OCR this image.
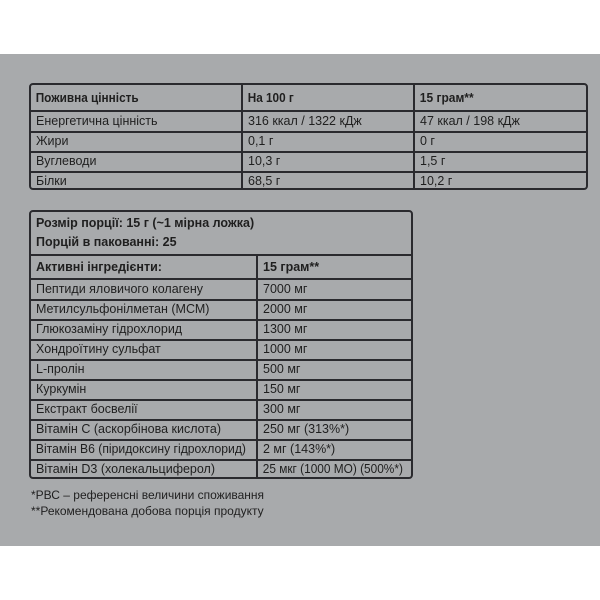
Поживна цінність	На 100 г	15 грам**
Енергетична цінність	316 ккал / 1322 кДж	47 ккал / 198 кДж
Жири	0,1 г	0 г
Вуглеводи	10,3 г	1,5 г
Білки	68,5 г	10,2 г
Розмір порції: 15 г (~1 мірна ложка)
Порцій в пакованні: 25
Активні інгредієнти:	15 грам**
Пептиди яловичого колагену	7000 мг
Метилсульфонілметан (МСМ)	2000 мг
Глюкозаміну гідрохлорид	1300 мг
Хондроїтину сульфат	1000 мг
L-пролін	500 мг
Куркумін	150 мг
Екстракт босвелії	300 мг
Вітамін С (аскорбінова кислота)	250 мг (313%*)
Вітамін В6 (піридоксину гідрохлорид)	2 мг (143%*)
Вітамін D3 (холекальциферол)	25 мкг (1000 МО) (500%*)
*РВС – референсні величини споживання
**Рекомендована добова порція продукту
